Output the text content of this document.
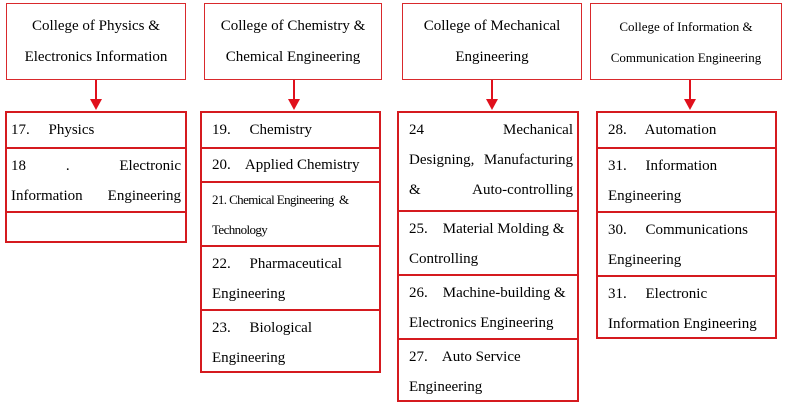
College of Physics & Electronics Information
17.     Physics
18    .     Electronic Information Engineering
College of Chemistry & Chemical Engineering
19.     Chemistry
20.    Applied Chemistry
21. Chemical Engineering  & Technology
22.     Pharmaceutical Engineering
23.     Biological Engineering
College of Mechanical Engineering
24     Mechanical Designing, Manufacturing & Auto-controlling
25.    Material Molding & Controlling
26.    Machine-building & Electronics Engineering
27.    Auto Service Engineering
College of Information & Communication Engineering
28.     Automation
31.     Information Engineering
30.     Communications Engineering
31.     Electronic Information Engineering
